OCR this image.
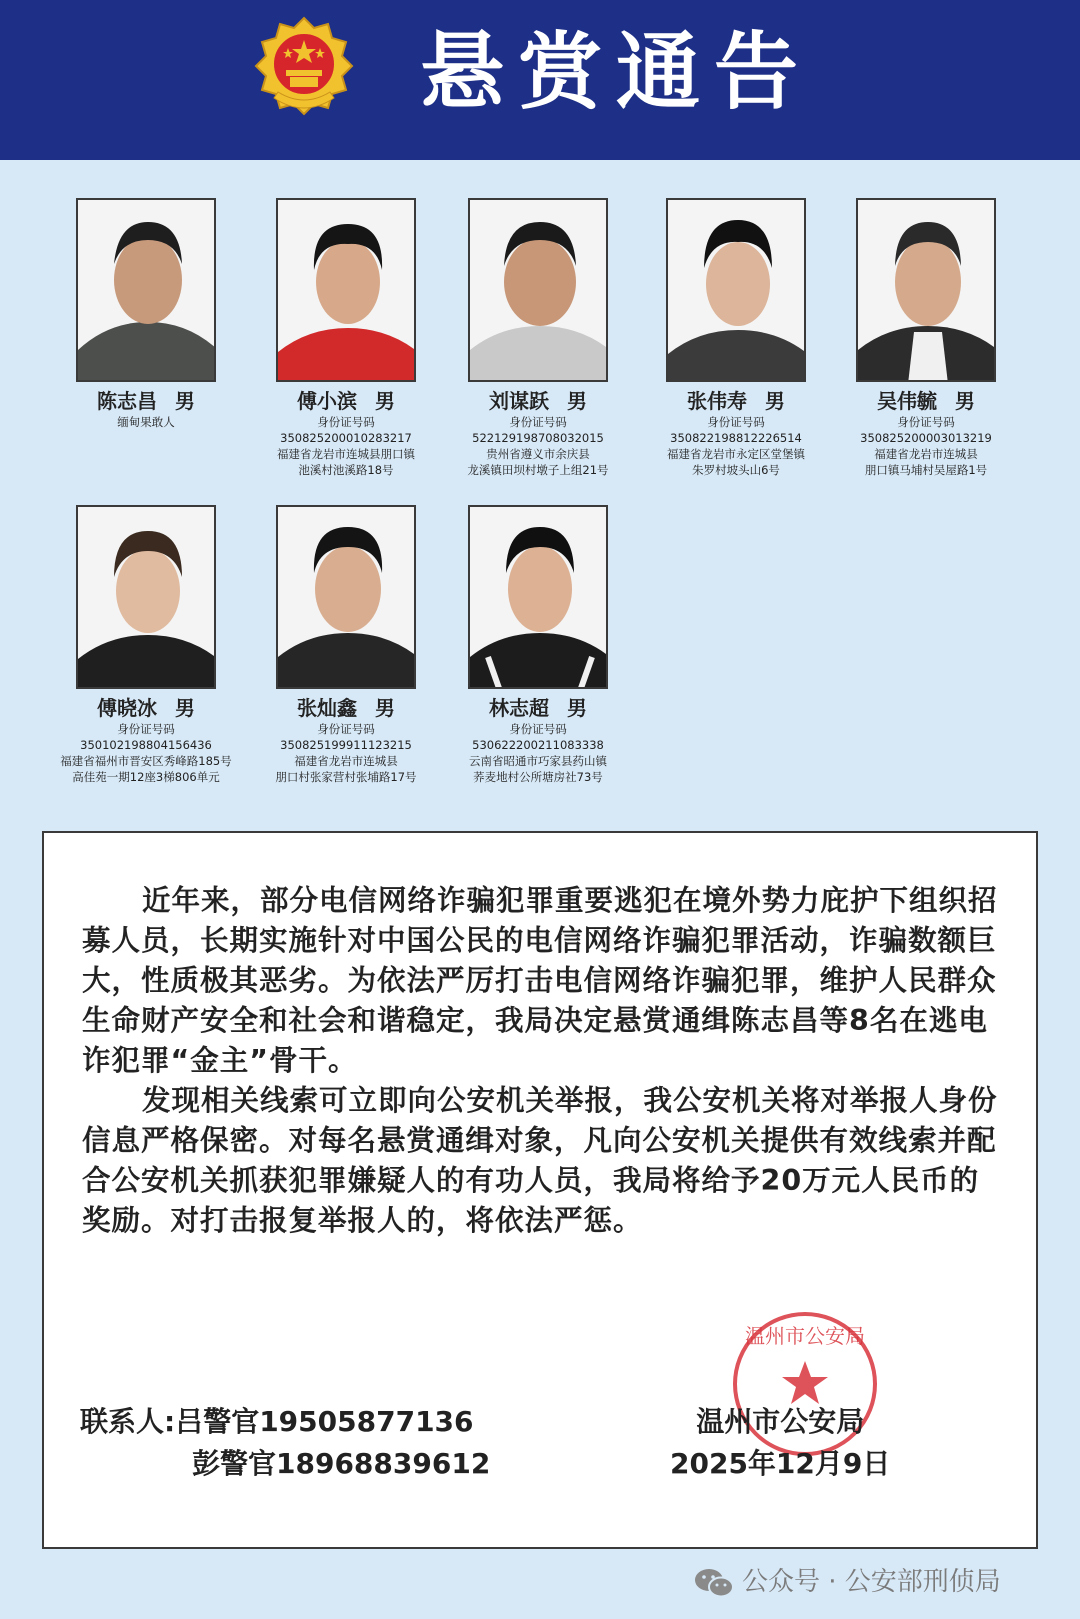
悬赏通告
陈志昌 男
缅甸果敢人
傅小滨 男
身份证号码
350825200010283217
福建省龙岩市连城县朋口镇
池溪村池溪路18号
刘谋跃 男
身份证号码
522129198708032015
贵州省遵义市余庆县
龙溪镇田坝村墩子上组21号
张伟寿 男
身份证号码
350822198812226514
福建省龙岩市永定区堂堡镇
朱罗村坡头山6号
吴伟毓 男
身份证号码
350825200003013219
福建省龙岩市连城县
朋口镇马埔村吴屋路1号
傅晓冰 男
身份证号码
350102198804156436
福建省福州市晋安区秀峰路185号
高佳苑一期12座3梯806单元
张灿鑫 男
身份证号码
350825199911123215
福建省龙岩市连城县
朋口村张家营村张埔路17号
林志超 男
身份证号码
530622200211083338
云南省昭通市巧家县药山镇
荞麦地村公所塘房社73号
近年来，部分电信网络诈骗犯罪重要逃犯在境外势力庇护下组织招募人员，长期实施针对中国公民的电信网络诈骗犯罪活动，诈骗数额巨大，性质极其恶劣。为依法严厉打击电信网络诈骗犯罪，维护人民群众生命财产安全和社会和谐稳定，我局决定悬赏通缉陈志昌等8名在逃电诈犯罪“金主”骨干。
发现相关线索可立即向公安机关举报，我公安机关将对举报人身份信息严格保密。对每名悬赏通缉对象，凡向公安机关提供有效线索并配合公安机关抓获犯罪嫌疑人的有功人员，我局将给予20万元人民币的奖励。对打击报复举报人的，将依法严惩。
温州市公安局
联系人:吕警官19505877136
彭警官18968839612
温州市公安局
2025年12月9日
公众号 · 公安部刑侦局
